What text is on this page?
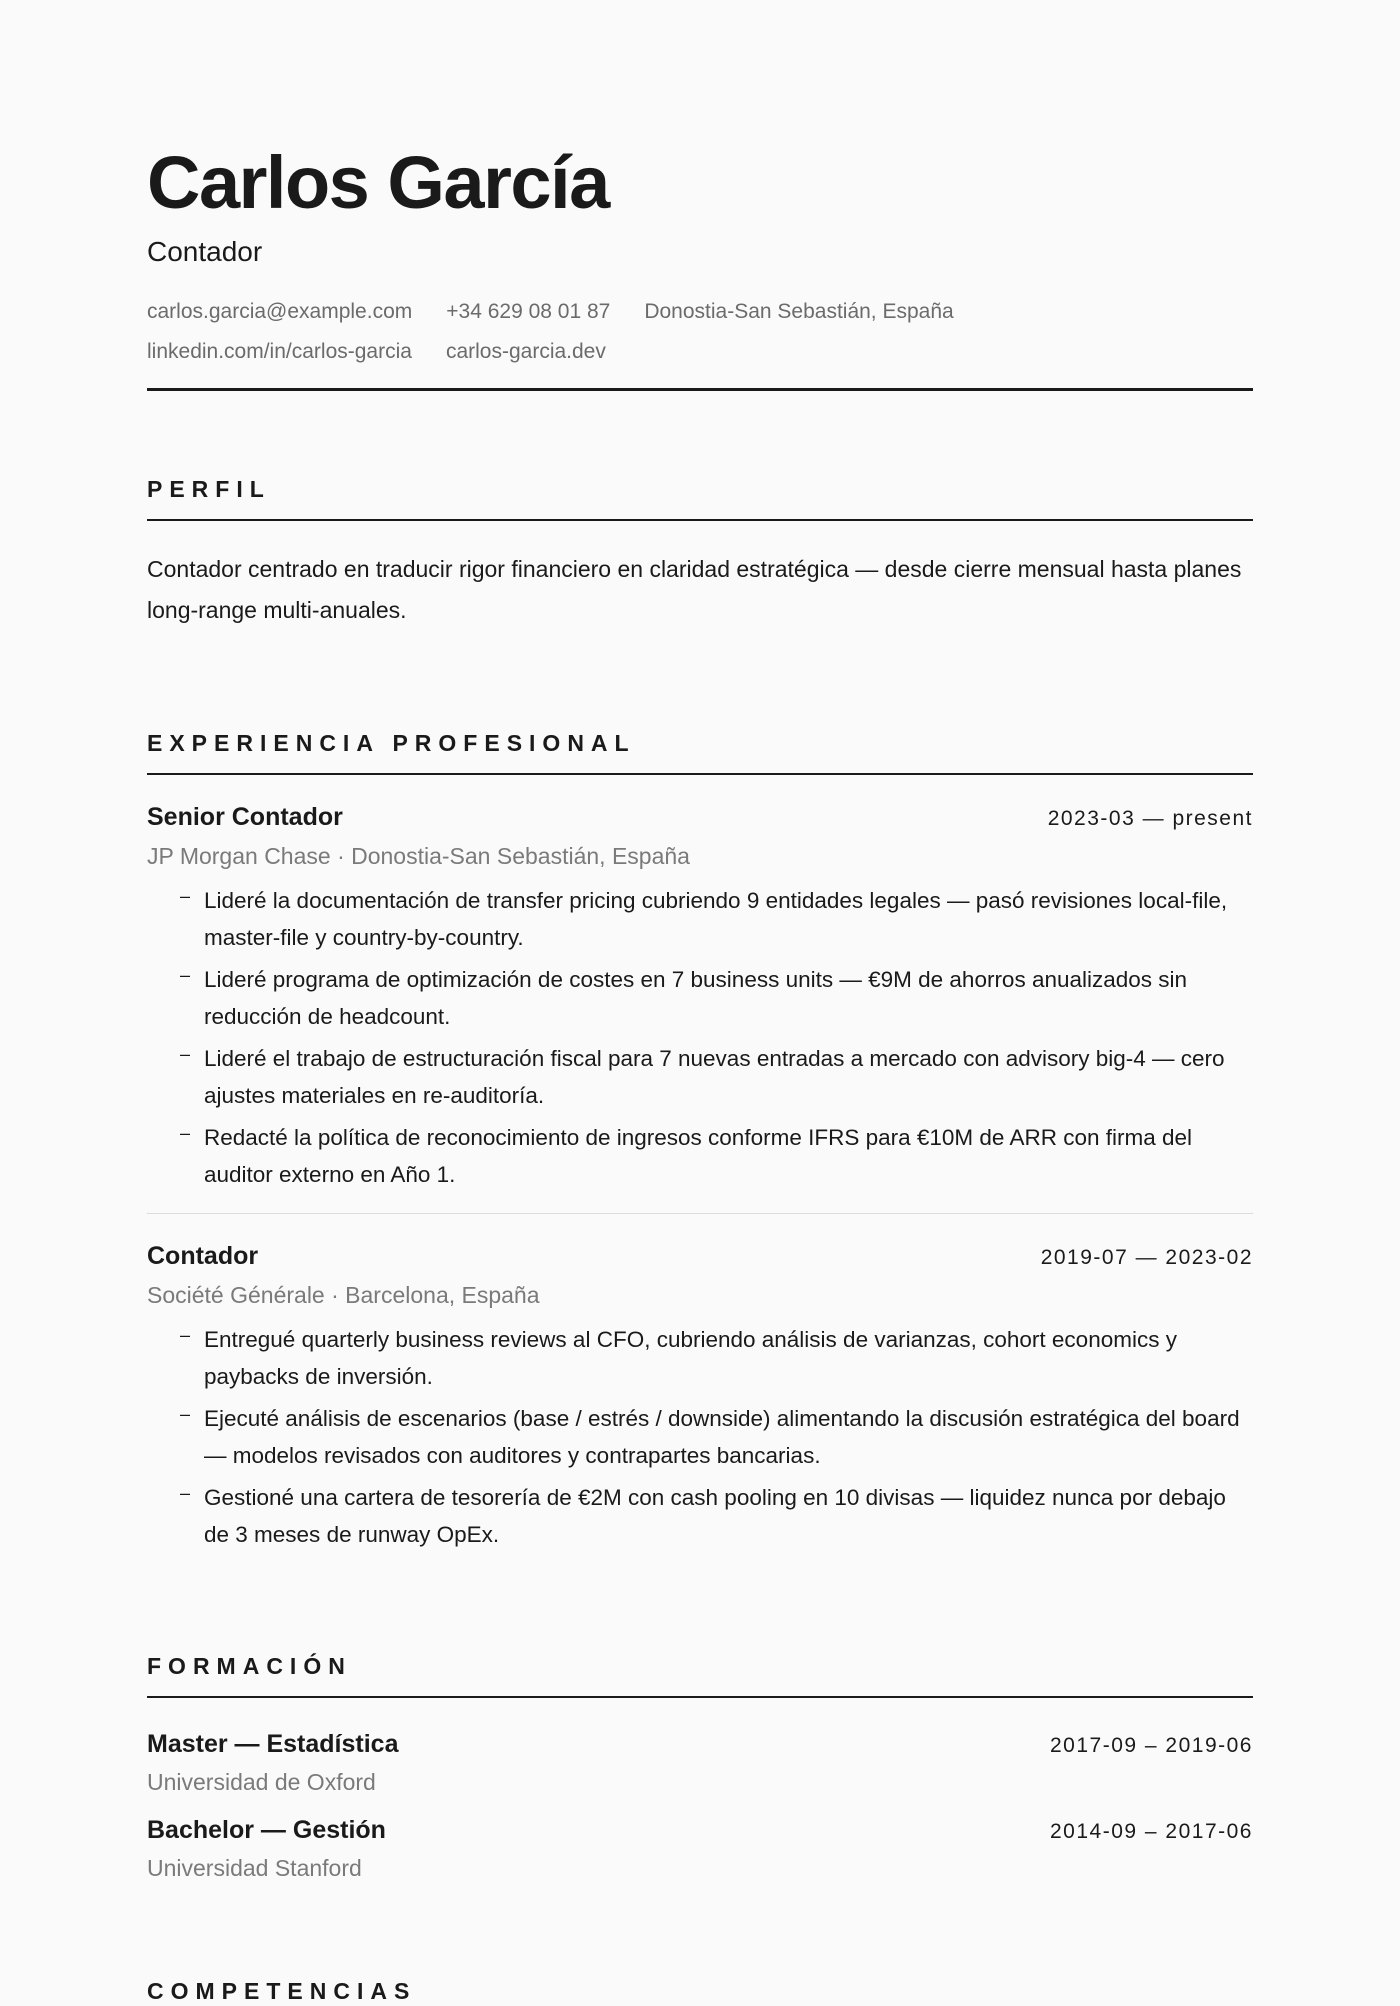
Carlos García
Contador
carlos.garcia@example.com +34 629 08 01 87 Donostia-San Sebastián, España
linkedin.com/in/carlos-garcia carlos-garcia.dev
PERFIL

Contador centrado en traducir rigor financiero en claridad estratégica — desde cierre mensual hasta planes long-range multi-anuales.

EXPERIENCIA PROFESIONAL
Senior Contador	2023-03 — present
JP Morgan Chase · Donostia-San Sebastián, España
– Lideré la documentación de transfer pricing cubriendo 9 entidades legales — pasó revisiones local-file, master-file y country-by-country.
– Lideré programa de optimización de costes en 7 business units — €9M de ahorros anualizados sin reducción de headcount.
– Lideré el trabajo de estructuración fiscal para 7 nuevas entradas a mercado con advisory big-4 — cero ajustes materiales en re-auditoría.
– Redacté la política de reconocimiento de ingresos conforme IFRS para €10M de ARR con firma del auditor externo en Año 1.
Contador	2019-07 — 2023-02
Société Générale · Barcelona, España
– Entregué quarterly business reviews al CFO, cubriendo análisis de varianzas, cohort economics y paybacks de inversión.
– Ejecuté análisis de escenarios (base / estrés / downside) alimentando la discusión estratégica del board — modelos revisados con auditores y contrapartes bancarias.
– Gestioné una cartera de tesorería de €2M con cash pooling en 10 divisas — liquidez nunca por debajo de 3 meses de runway OpEx.
FORMACIÓN
Master — Estadística	2017-09 – 2019-06
Universidad de Oxford
Bachelor — Gestión	2014-09 – 2017-06
Universidad Stanford
COMPETENCIAS
